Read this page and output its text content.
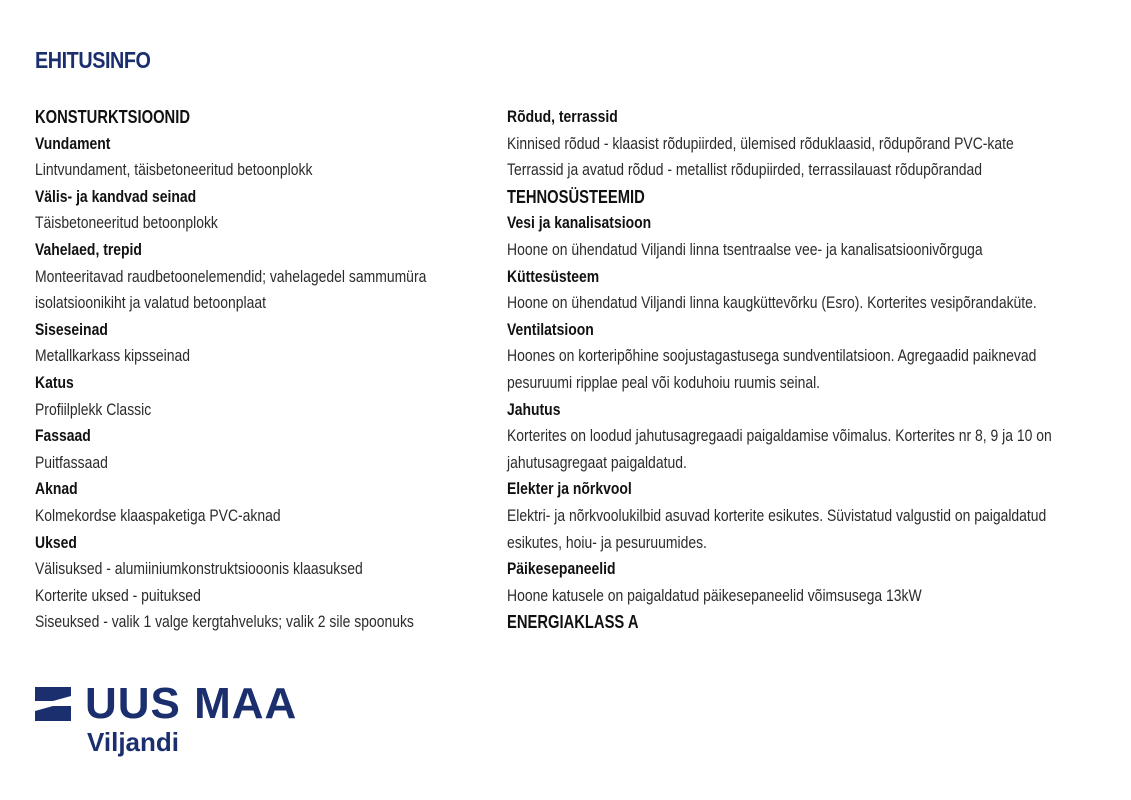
EHITUSINFO
KONSTURKTSIOONID
Vundament
Lintvundament, täisbetoneeritud betoonplokk
Välis- ja kandvad seinad
Täisbetoneeritud betoonplokk
Vahelaed, trepid
Monteeritavad raudbetoonelemendid; vahelagedel sammumüra
isolatsioonikiht ja valatud betoonplaat
Siseseinad
Metallkarkass kipsseinad
Katus
Profiilplekk Classic
Fassaad
Puitfassaad
Aknad
Kolmekordse klaaspaketiga PVC-aknad
Uksed
Välisuksed - alumiiniumkonstruktsiooonis klaasuksed
Korterite uksed - puituksed
Siseuksed - valik 1 valge kergtahveluks; valik 2 sile spoonuks
Rõdud, terrassid
Kinnised rõdud - klaasist rõdupiirded, ülemised rõduklaasid, rõdupõrand PVC-kate
Terrassid ja avatud rõdud - metallist rõdupiirded, terrassilauast rõdupõrandad
TEHNOSÜSTEEMID
Vesi ja kanalisatsioon
Hoone on ühendatud Viljandi linna tsentraalse vee- ja kanalisatsioonivõrguga
Küttesüsteem
Hoone on ühendatud Viljandi linna kaugküttevõrku (Esro). Korterites vesipõrandaküte.
Ventilatsioon
Hoones on korteripõhine soojustagastusega sundventilatsioon. Agregaadid paiknevad
pesuruumi ripplae peal või koduhoiu ruumis seinal.
Jahutus
Korterites on loodud jahutusagregaadi paigaldamise võimalus. Korterites nr 8, 9 ja 10 on
jahutusagregaat paigaldatud.
Elekter ja nõrkvool
Elektri- ja nõrkvoolukilbid asuvad korterite esikutes. Süvistatud valgustid on paigaldatud
esikutes, hoiu- ja pesuruumides.
Päikesepaneelid
Hoone katusele on paigaldatud päikesepaneelid võimsusega 13kW
ENERGIAKLASS A
UUS MAA
Viljandi
